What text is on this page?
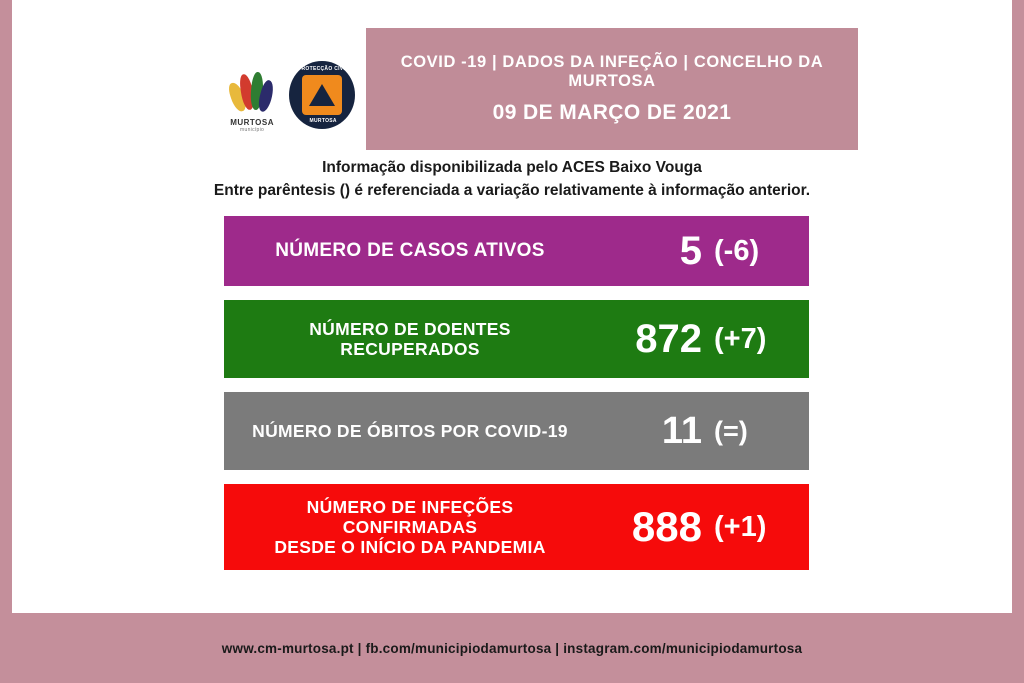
MURTOSA
município
PROTECÇÃO CIVIL
MURTOSA
COVID -19 | DADOS DA INFEÇÃO | CONCELHO DA MURTOSA
09 DE MARÇO DE 2021
Informação disponibilizada pelo ACES Baixo Vouga
Entre parêntesis () é referenciada a variação relativamente à informação anterior.
NÚMERO DE CASOS ATIVOS	5 (-6)
NÚMERO DE DOENTES RECUPERADOS	872 (+7)
NÚMERO DE ÓBITOS POR COVID-19	11 (=)
NÚMERO DE INFEÇÕES CONFIRMADAS
DESDE O INÍCIO DA PANDEMIA	888 (+1)
www.cm-murtosa.pt | fb.com/municipiodamurtosa | instagram.com/municipiodamurtosa
